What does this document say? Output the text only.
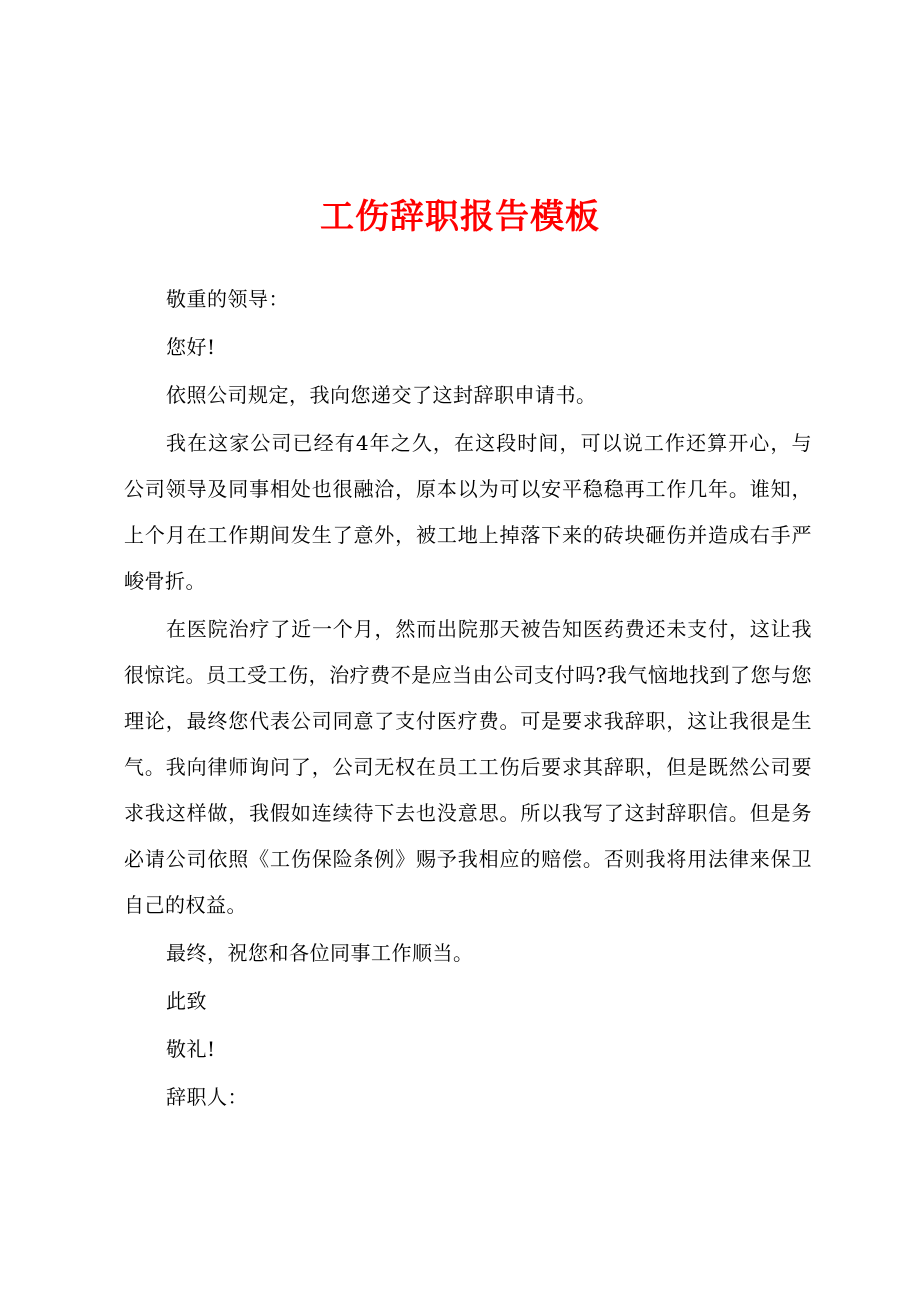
工伤辞职报告模板

敬重的领导：

您好!

依照公司规定，我向您递交了这封辞职申请书。

我在这家公司已经有4年之久，在这段时间，可以说工作还算开心，与公司领导及同事相处也很融洽，原本以为可以安平稳稳再工作几年。谁知，上个月在工作期间发生了意外，被工地上掉落下来的砖块砸伤并造成右手严峻骨折。

在医院治疗了近一个月，然而出院那天被告知医药费还未支付，这让我很惊诧。员工受工伤，治疗费不是应当由公司支付吗?我气恼地找到了您与您理论，最终您代表公司同意了支付医疗费。可是要求我辞职，这让我很是生气。我向律师询问了，公司无权在员工工伤后要求其辞职，但是既然公司要求我这样做，我假如连续待下去也没意思。所以我写了这封辞职信。但是务必请公司依照《工伤保险条例》赐予我相应的赔偿。否则我将用法律来保卫自己的权益。

最终，祝您和各位同事工作顺当。

此致

敬礼!

辞职人：
